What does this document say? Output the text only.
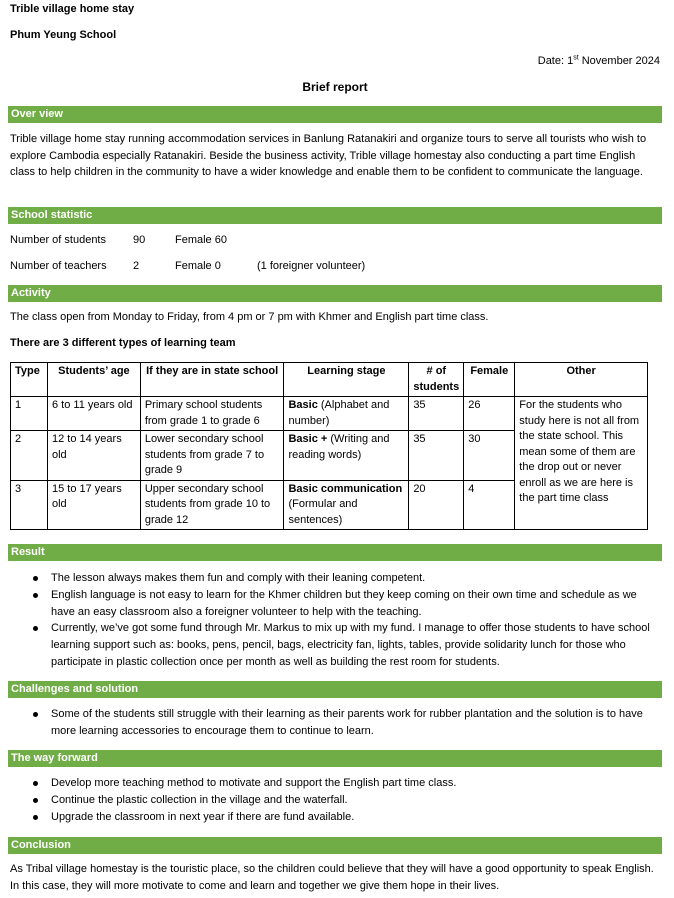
Trible village home stay
Phum Yeung School
Date: 1st November 2024
Brief report
Over view
Trible village home stay running accommodation services in Banlung Ratanakiri and organize tours to serve all tourists who wish to explore Cambodia especially Ratanakiri. Beside the business activity, Trible village homestay also conducting a part time English class to help children in the community to have a wider knowledge and enable them to be confident to communicate the language.
School statistic
Number of students 90	Female 60
Number of teachers 2	Female 0	(1 foreigner volunteer)
Activity
The class open from Monday to Friday, from 4 pm or 7 pm with Khmer and English part time class.
There are 3 different types of learning team
Type	Students’ age	If they are in state school	Learning stage	# of students	Female	Other
1	6 to 11 years old	Primary school students from grade 1 to grade 6	Basic (Alphabet and number)	35	26	For the students who study here is not all from the state school. This mean some of them are the drop out or never enroll as we are here is the part time class
2	12 to 14 years old	Lower secondary school students from grade 7 to grade 9	Basic + (Writing and reading words)	35	30	
3	15 to 17 years old	Upper secondary school students from grade 10 to grade 12	Basic communication (Formular and sentences)	20	4	
Result
The lesson always makes them fun and comply with their leaning competent.
English language is not easy to learn for the Khmer children but they keep coming on their own time and schedule as we have an easy classroom also a foreigner volunteer to help with the teaching.
Currently, we’ve got some fund through Mr. Markus to mix up with my fund. I manage to offer those students to have school learning support such as: books, pens, pencil, bags, electricity fan, lights, tables, provide solidarity lunch for those who participate in plastic collection once per month as well as building the rest room for students.
Challenges and solution
Some of the students still struggle with their learning as their parents work for rubber plantation and the solution is to have more learning accessories to encourage them to continue to learn.
The way forward
Develop more teaching method to motivate and support the English part time class.
Continue the plastic collection in the village and the waterfall.
Upgrade the classroom in next year if there are fund available.
Conclusion
As Tribal village homestay is the touristic place, so the children could believe that they will have a good opportunity to speak English. In this case, they will more motivate to come and learn and together we give them hope in their lives.
